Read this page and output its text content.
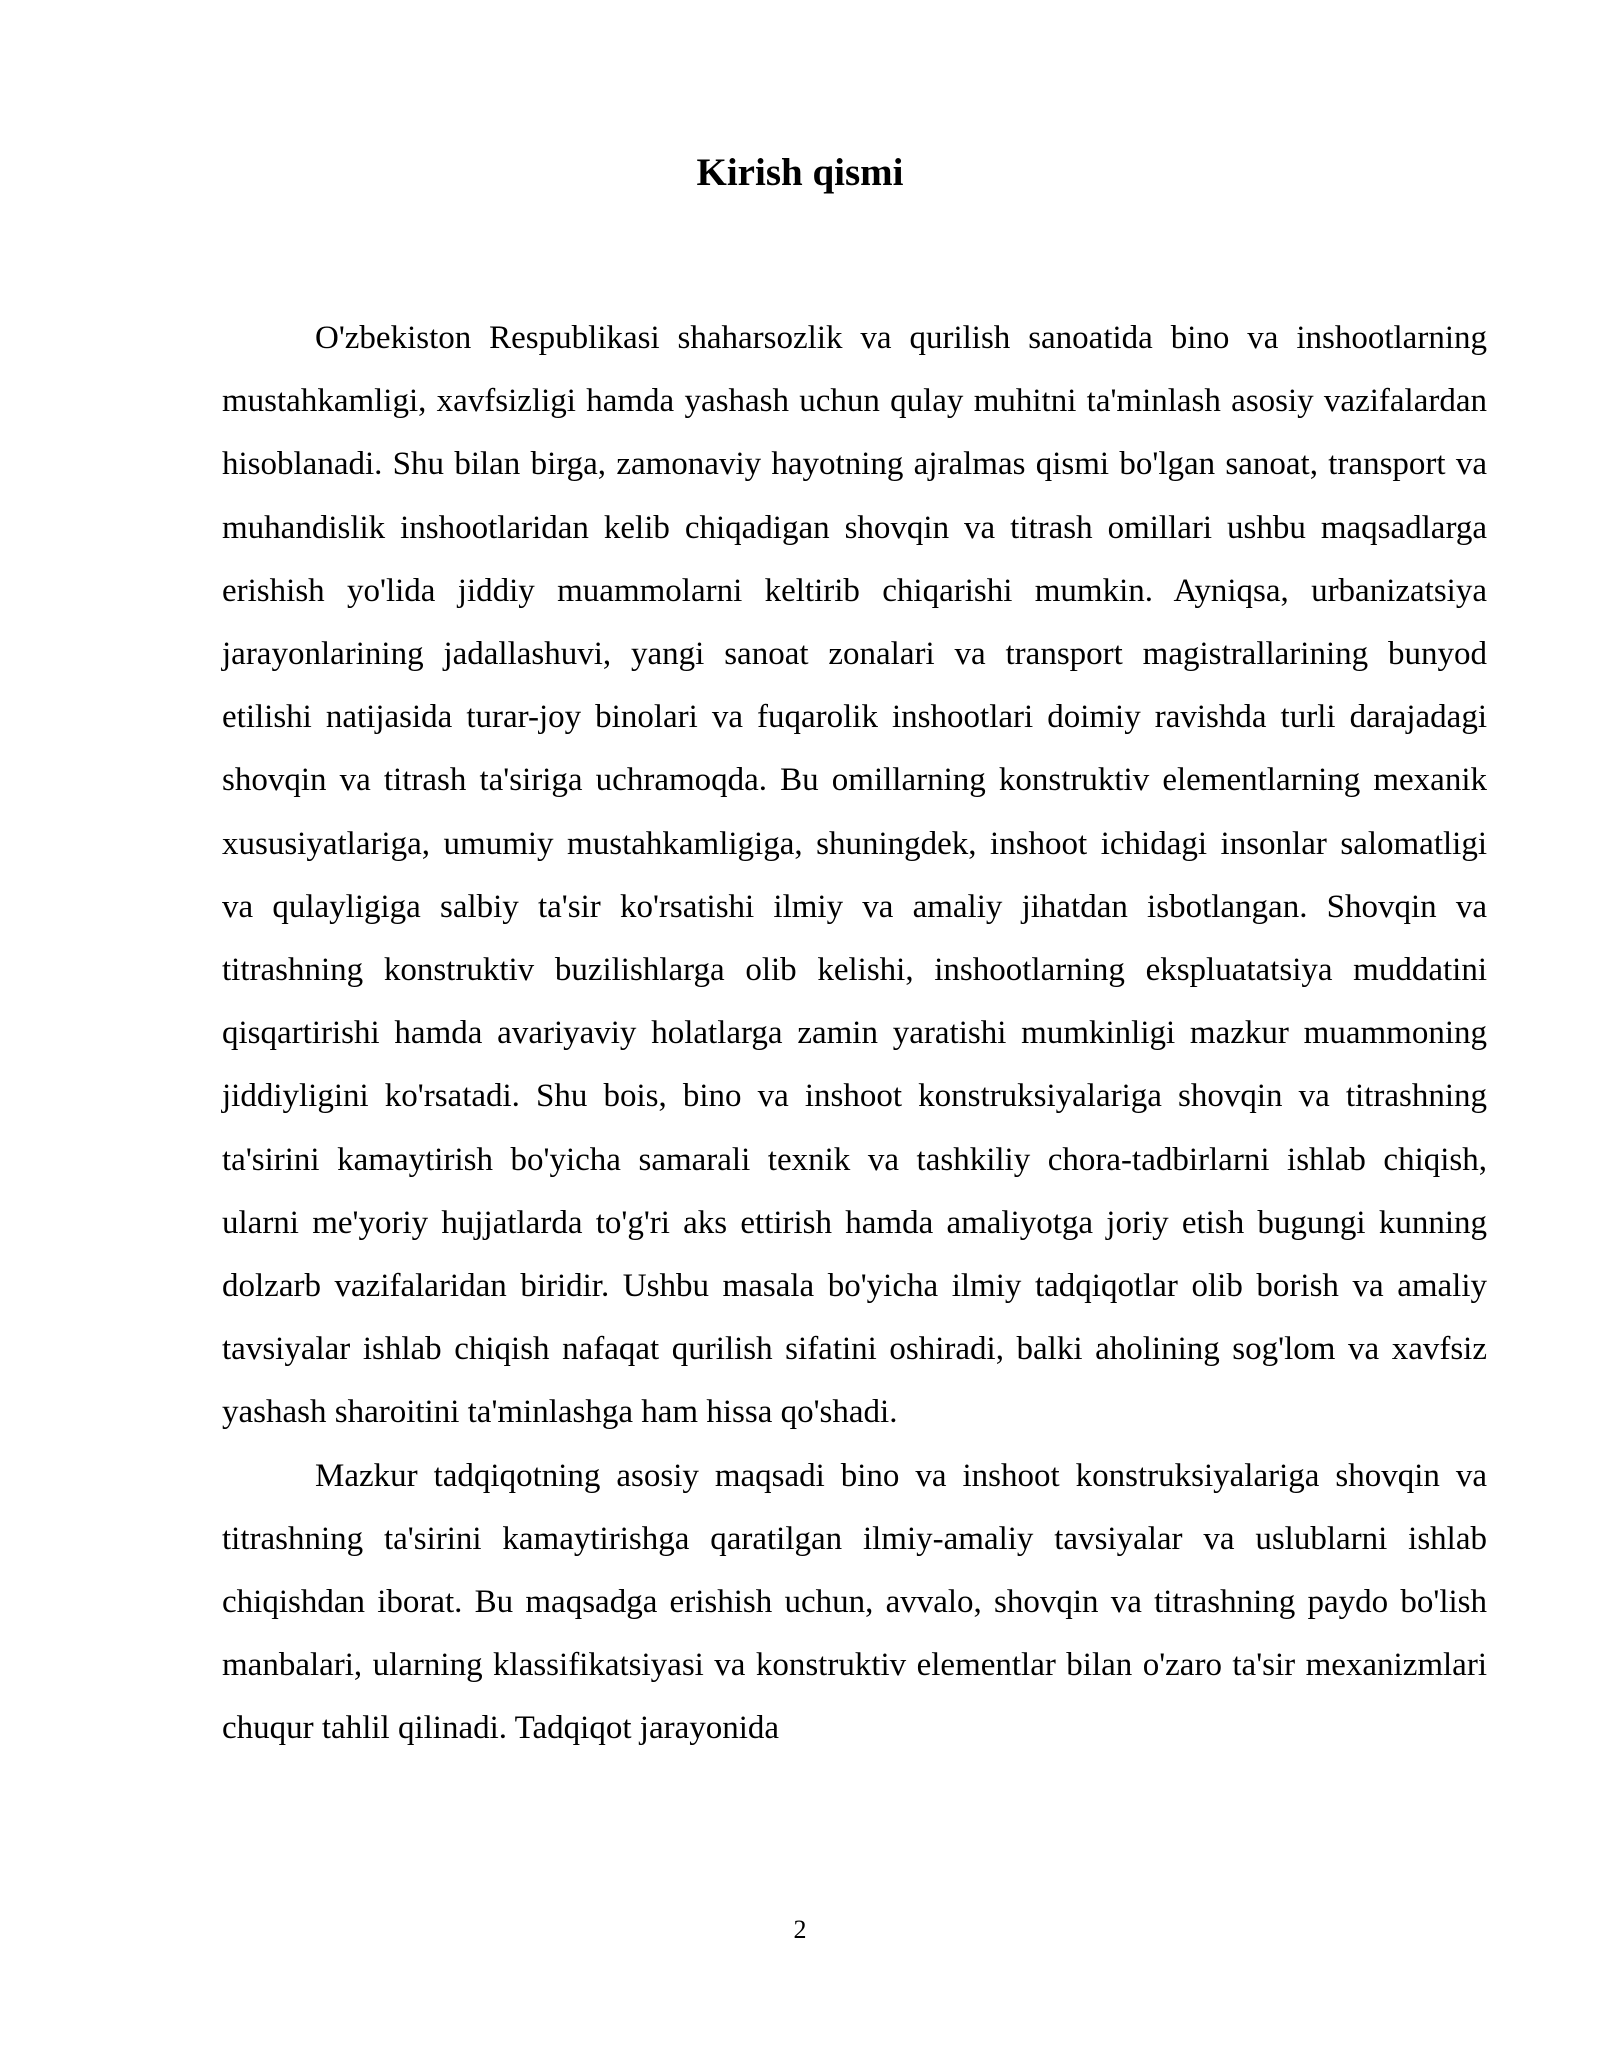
Kirish qismi

O'zbekiston Respublikasi shaharsozlik va qurilish sanoatida bino va inshootlarning mustahkamligi, xavfsizligi hamda yashash uchun qulay muhitni ta'minlash asosiy vazifalardan hisoblanadi. Shu bilan birga, zamonaviy hayotning ajralmas qismi bo'lgan sanoat, transport va muhandislik inshootlaridan kelib chiqadigan shovqin va titrash omillari ushbu maqsadlarga erishish yo'lida jiddiy muammolarni keltirib chiqarishi mumkin. Ayniqsa, urbanizatsiya jarayonlarining jadallashuvi, yangi sanoat zonalari va transport magistrallarining bunyod etilishi natijasida turar-joy binolari va fuqarolik inshootlari doimiy ravishda turli darajadagi shovqin va titrash ta'siriga uchramoqda. Bu omillarning konstruktiv elementlarning mexanik xususiyatlariga, umumiy mustahkamligiga, shuningdek, inshoot ichidagi insonlar salomatligi va qulayligiga salbiy ta'sir ko'rsatishi ilmiy va amaliy jihatdan isbotlangan. Shovqin va titrashning konstruktiv buzilishlarga olib kelishi, inshootlarning ekspluatatsiya muddatini qisqartirishi hamda avariyaviy holatlarga zamin yaratishi mumkinligi mazkur muammoning jiddiyligini ko'rsatadi. Shu bois, bino va inshoot konstruksiyalariga shovqin va titrashning ta'sirini kamaytirish bo'yicha samarali texnik va tashkiliy chora-tadbirlarni ishlab chiqish, ularni me'yoriy hujjatlarda to'g'ri aks ettirish hamda amaliyotga joriy etish bugungi kunning dolzarb vazifalaridan biridir. Ushbu masala bo'yicha ilmiy tadqiqotlar olib borish va amaliy tavsiyalar ishlab chiqish nafaqat qurilish sifatini oshiradi, balki aholining sog'lom va xavfsiz yashash sharoitini ta'minlashga ham hissa qo'shadi.

Mazkur tadqiqotning asosiy maqsadi bino va inshoot konstruksiyalariga shovqin va titrashning ta'sirini kamaytirishga qaratilgan ilmiy-amaliy tavsiyalar va uslublarni ishlab chiqishdan iborat. Bu maqsadga erishish uchun, avvalo, shovqin va titrashning paydo bo'lish manbalari, ularning klassifikatsiyasi va konstruktiv elementlar bilan o'zaro ta'sir mexanizmlari chuqur tahlil qilinadi. Tadqiqot jarayonida

2
